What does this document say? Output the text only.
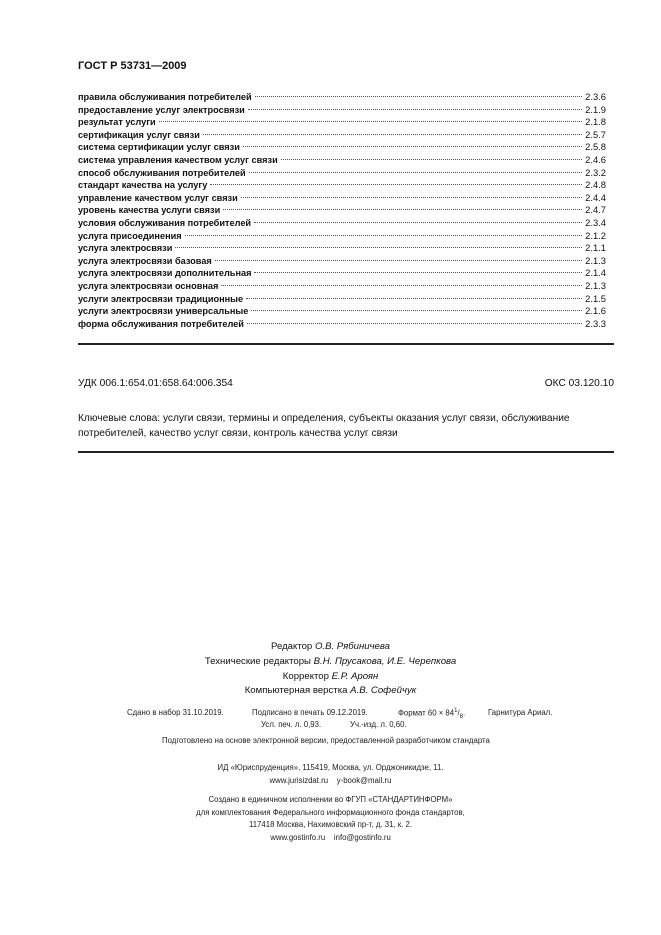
ГОСТ Р 53731—2009
правила обслуживания потребителей	2.3.6
предоставление услуг электросвязи	2.1.9
результат услуги	2.1.8
сертификация услуг связи	2.5.7
система сертификации услуг связи	2.5.8
система управления качеством услуг связи	2.4.6
способ обслуживания потребителей	2.3.2
стандарт качества на услугу	2.4.8
управление качеством услуг связи	2.4.4
уровень качества услуги связи	2.4.7
условия обслуживания потребителей	2.3.4
услуга присоединения	2.1.2
услуга электросвязи	2.1.1
услуга электросвязи базовая	2.1.3
услуга электросвязи дополнительная	2.1.4
услуга электросвязи основная	2.1.3
услуги электросвязи традиционные	2.1.5
услуги электросвязи универсальные	2.1.6
форма обслуживания потребителей	2.3.3
УДК 006.1:654.01:658.64:006.354	ОКС 03.120.10
Ключевые слова: услуги связи, термины и определения, субъекты оказания услуг связи, обслуживание потребителей, качество услуг связи, контроль качества услуг связи
Редактор О.В. Рябиничева
Технические редакторы В.Н. Прусакова, И.Е. Черепкова
Корректор Е.Р. Ароян
Компьютерная верстка А.В. Софейчук
Сдано в набор 31.10.2019.	Подписано в печать 09.12.2019.	Формат $60 \times 84^1/_8$.	Гарнитура Ариал.
Усл. печ. л. 0,93.	Уч.-изд. л. 0,60.
Подготовлено на основе электронной версии, предоставленной разработчиком стандарта
ИД «Юриспруденция», 115419, Москва, ул. Орджоникидзе, 11.
www.jurisizdat.ru y-book@mail.ru
Создано в единичном исполнении во ФГУП «СТАНДАРТИНФОРМ»
для комплектования Федерального информационного фонда стандартов,
117418 Москва, Нахимовский пр-т, д. 31, к. 2.
www.gostinfo.ru info@gostinfo.ru
